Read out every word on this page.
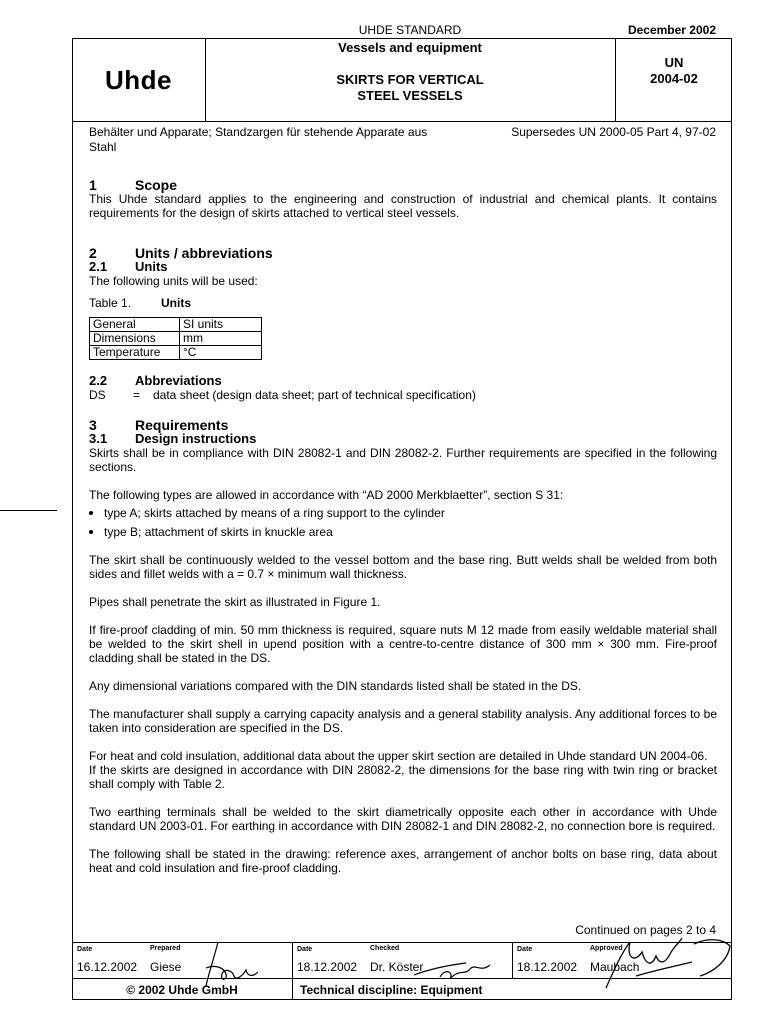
UHDE STANDARD	December 2002
Uhde
Vessels and equipment
SKIRTS FOR VERTICAL
STEEL VESSELS
UN
2004-02
Behälter und Apparate; Standzargen für stehende Apparate aus Stahl
Supersedes UN 2000-05 Part 4, 97-02
1	Scope

This Uhde standard applies to the engineering and construction of industrial and chemical plants. It contains requirements for the design of skirts attached to vertical steel vessels.

2	Units / abbreviations
2.1	Units

The following units will be used:

Table 1.	Units
General	SI units
Dimensions	mm
Temperature	°C
2.2	Abbreviations
DS	=	data sheet (design data sheet; part of technical specification)
3	Requirements
3.1	Design instructions

Skirts shall be in compliance with DIN 28082-1 and DIN 28082-2. Further requirements are specified in the following sections.

The following types are allowed in accordance with “AD 2000 Merkblaetter”, section S 31:

type A; skirts attached by means of a ring support to the cylinder
type B; attachment of skirts in knuckle area

The skirt shall be continuously welded to the vessel bottom and the base ring. Butt welds shall be welded from both sides and fillet welds with a = 0.7 × minimum wall thickness.

Pipes shall penetrate the skirt as illustrated in Figure 1.

If fire-proof cladding of min. 50 mm thickness is required, square nuts M 12 made from easily weldable material shall be welded to the skirt shell in upend position with a centre-to-centre distance of 300 mm × 300 mm. Fire-proof cladding shall be stated in the DS.

Any dimensional variations compared with the DIN standards listed shall be stated in the DS.

The manufacturer shall supply a carrying capacity analysis and a general stability analysis. Any additional forces to be taken into consideration are specified in the DS.

For heat and cold insulation, additional data about the upper skirt section are detailed in Uhde standard UN 2004-06.

If the skirts are designed in accordance with DIN 28082-2, the dimensions for the base ring with twin ring or bracket shall comply with Table 2.

Two earthing terminals shall be welded to the skirt diametrically opposite each other in accordance with Uhde standard UN 2003-01. For earthing in accordance with DIN 28082-1 and DIN 28082-2, no connection bore is required.

The following shall be stated in the drawing: reference axes, arrangement of anchor bolts on base ring, data about heat and cold insulation and fire-proof cladding.

Continued on pages 2 to 4
Date	Prepared	Date	Checked	Date	Approved
16.12.2002 Giese	18.12.2002 Dr. Köster	18.12.2002 Maubach
© 2002 Uhde GmbH	Technical discipline: Equipment
